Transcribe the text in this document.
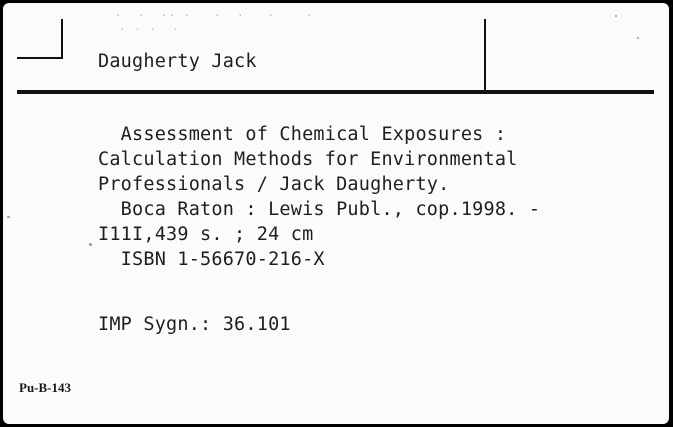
·  ·  ·· ·   ·  ·   ·    ·
· · ·  ·
Daugherty Jack
Assessment of Chemical Exposures :
Calculation Methods for Environmental
Professionals / Jack Daugherty.
Boca Raton : Lewis Publ., cop.1998. -
I11I,439 s. ; 24 cm
ISBN 1-56670-216-X
IMP Sygn.: 36.101
Pu-B-143
